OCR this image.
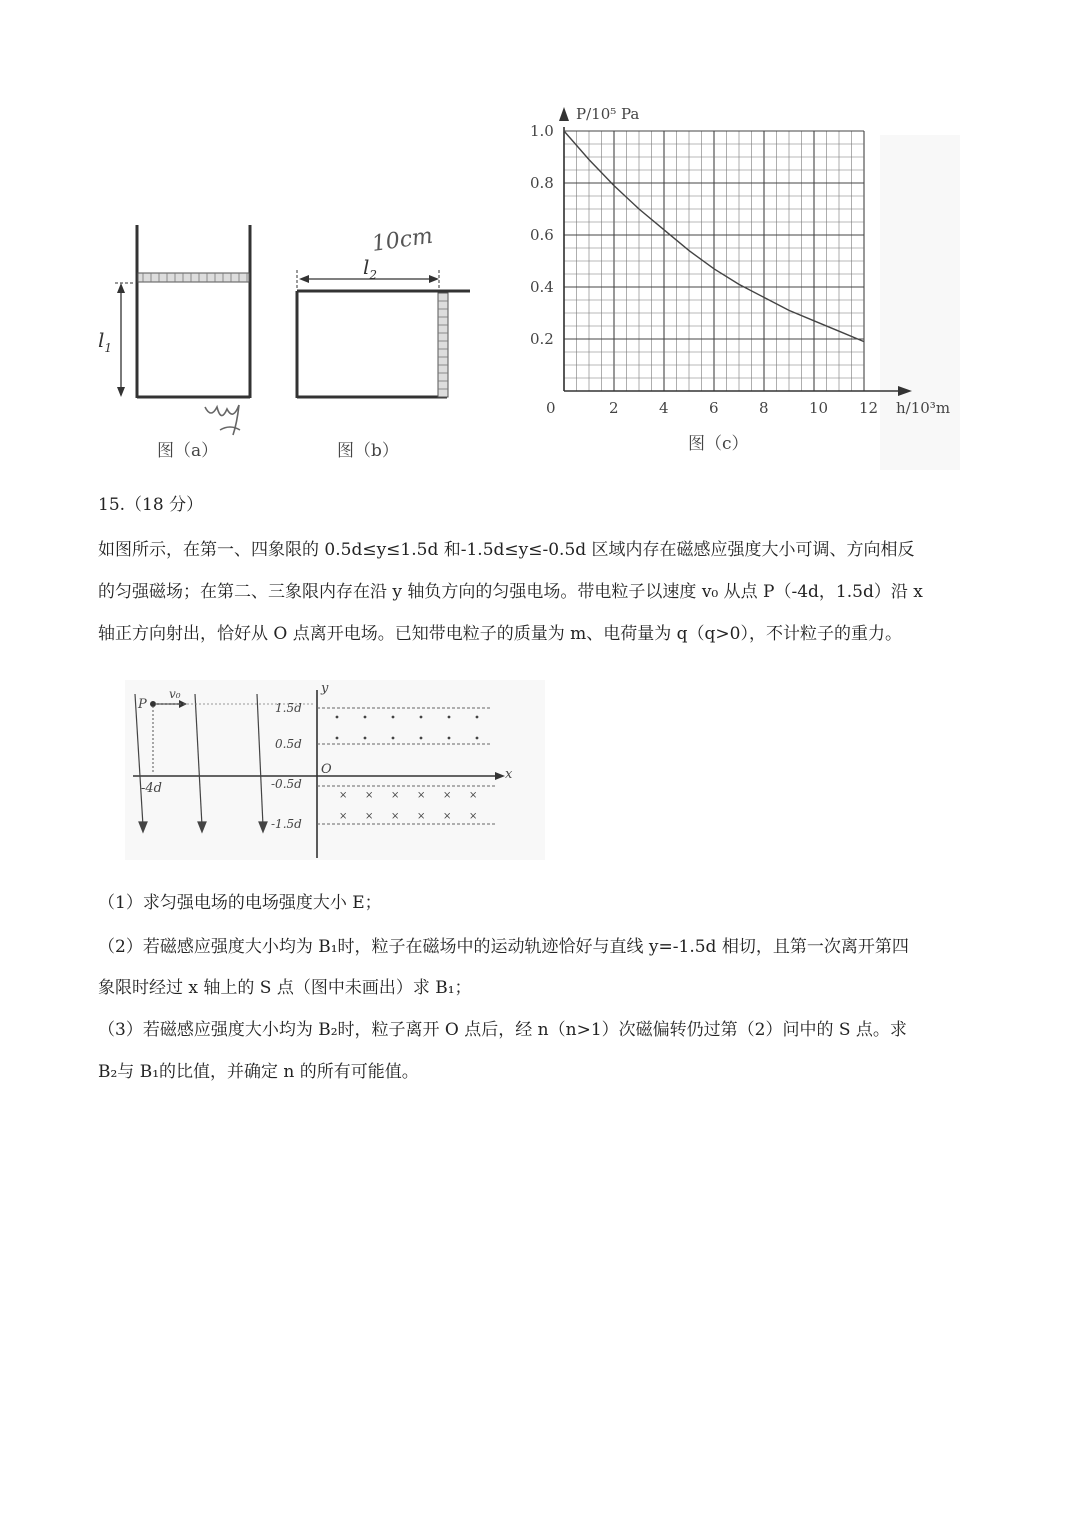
$l_1$
图（a）
$l_2$
10cm
图（b）
P/10⁵ Pa
h/10³m
0	2	4	6	8	10 12
0.2
0.4
0.6
0.8
1.0
图（c）
15.（18 分）
如图所示，在第一、四象限的 0.5d≤y≤1.5d 和-1.5d≤y≤-0.5d 区域内存在磁感应强度大小可调、方向相反
的匀强磁场；在第二、三象限内存在沿 y 轴负方向的匀强电场。带电粒子以速度 v₀ 从点 P（-4d，1.5d）沿 x
轴正方向射出，恰好从 O 点离开电场。已知带电粒子的质量为 m、电荷量为 q（q>0），不计粒子的重力。
y
x
O
P
v₀
-4d
1.5d
0.5d
-0.5d
-1.5d
× × × × × ×
× × × × × ×
（1）求匀强电场的电场强度大小 E；
（2）若磁感应强度大小均为 B₁时，粒子在磁场中的运动轨迹恰好与直线 y=-1.5d 相切，且第一次离开第四
象限时经过 x 轴上的 S 点（图中未画出）求 B₁；
（3）若磁感应强度大小均为 B₂时，粒子离开 O 点后，经 n（n>1）次磁偏转仍过第（2）问中的 S 点。求
B₂与 B₁的比值，并确定 n 的所有可能值。
